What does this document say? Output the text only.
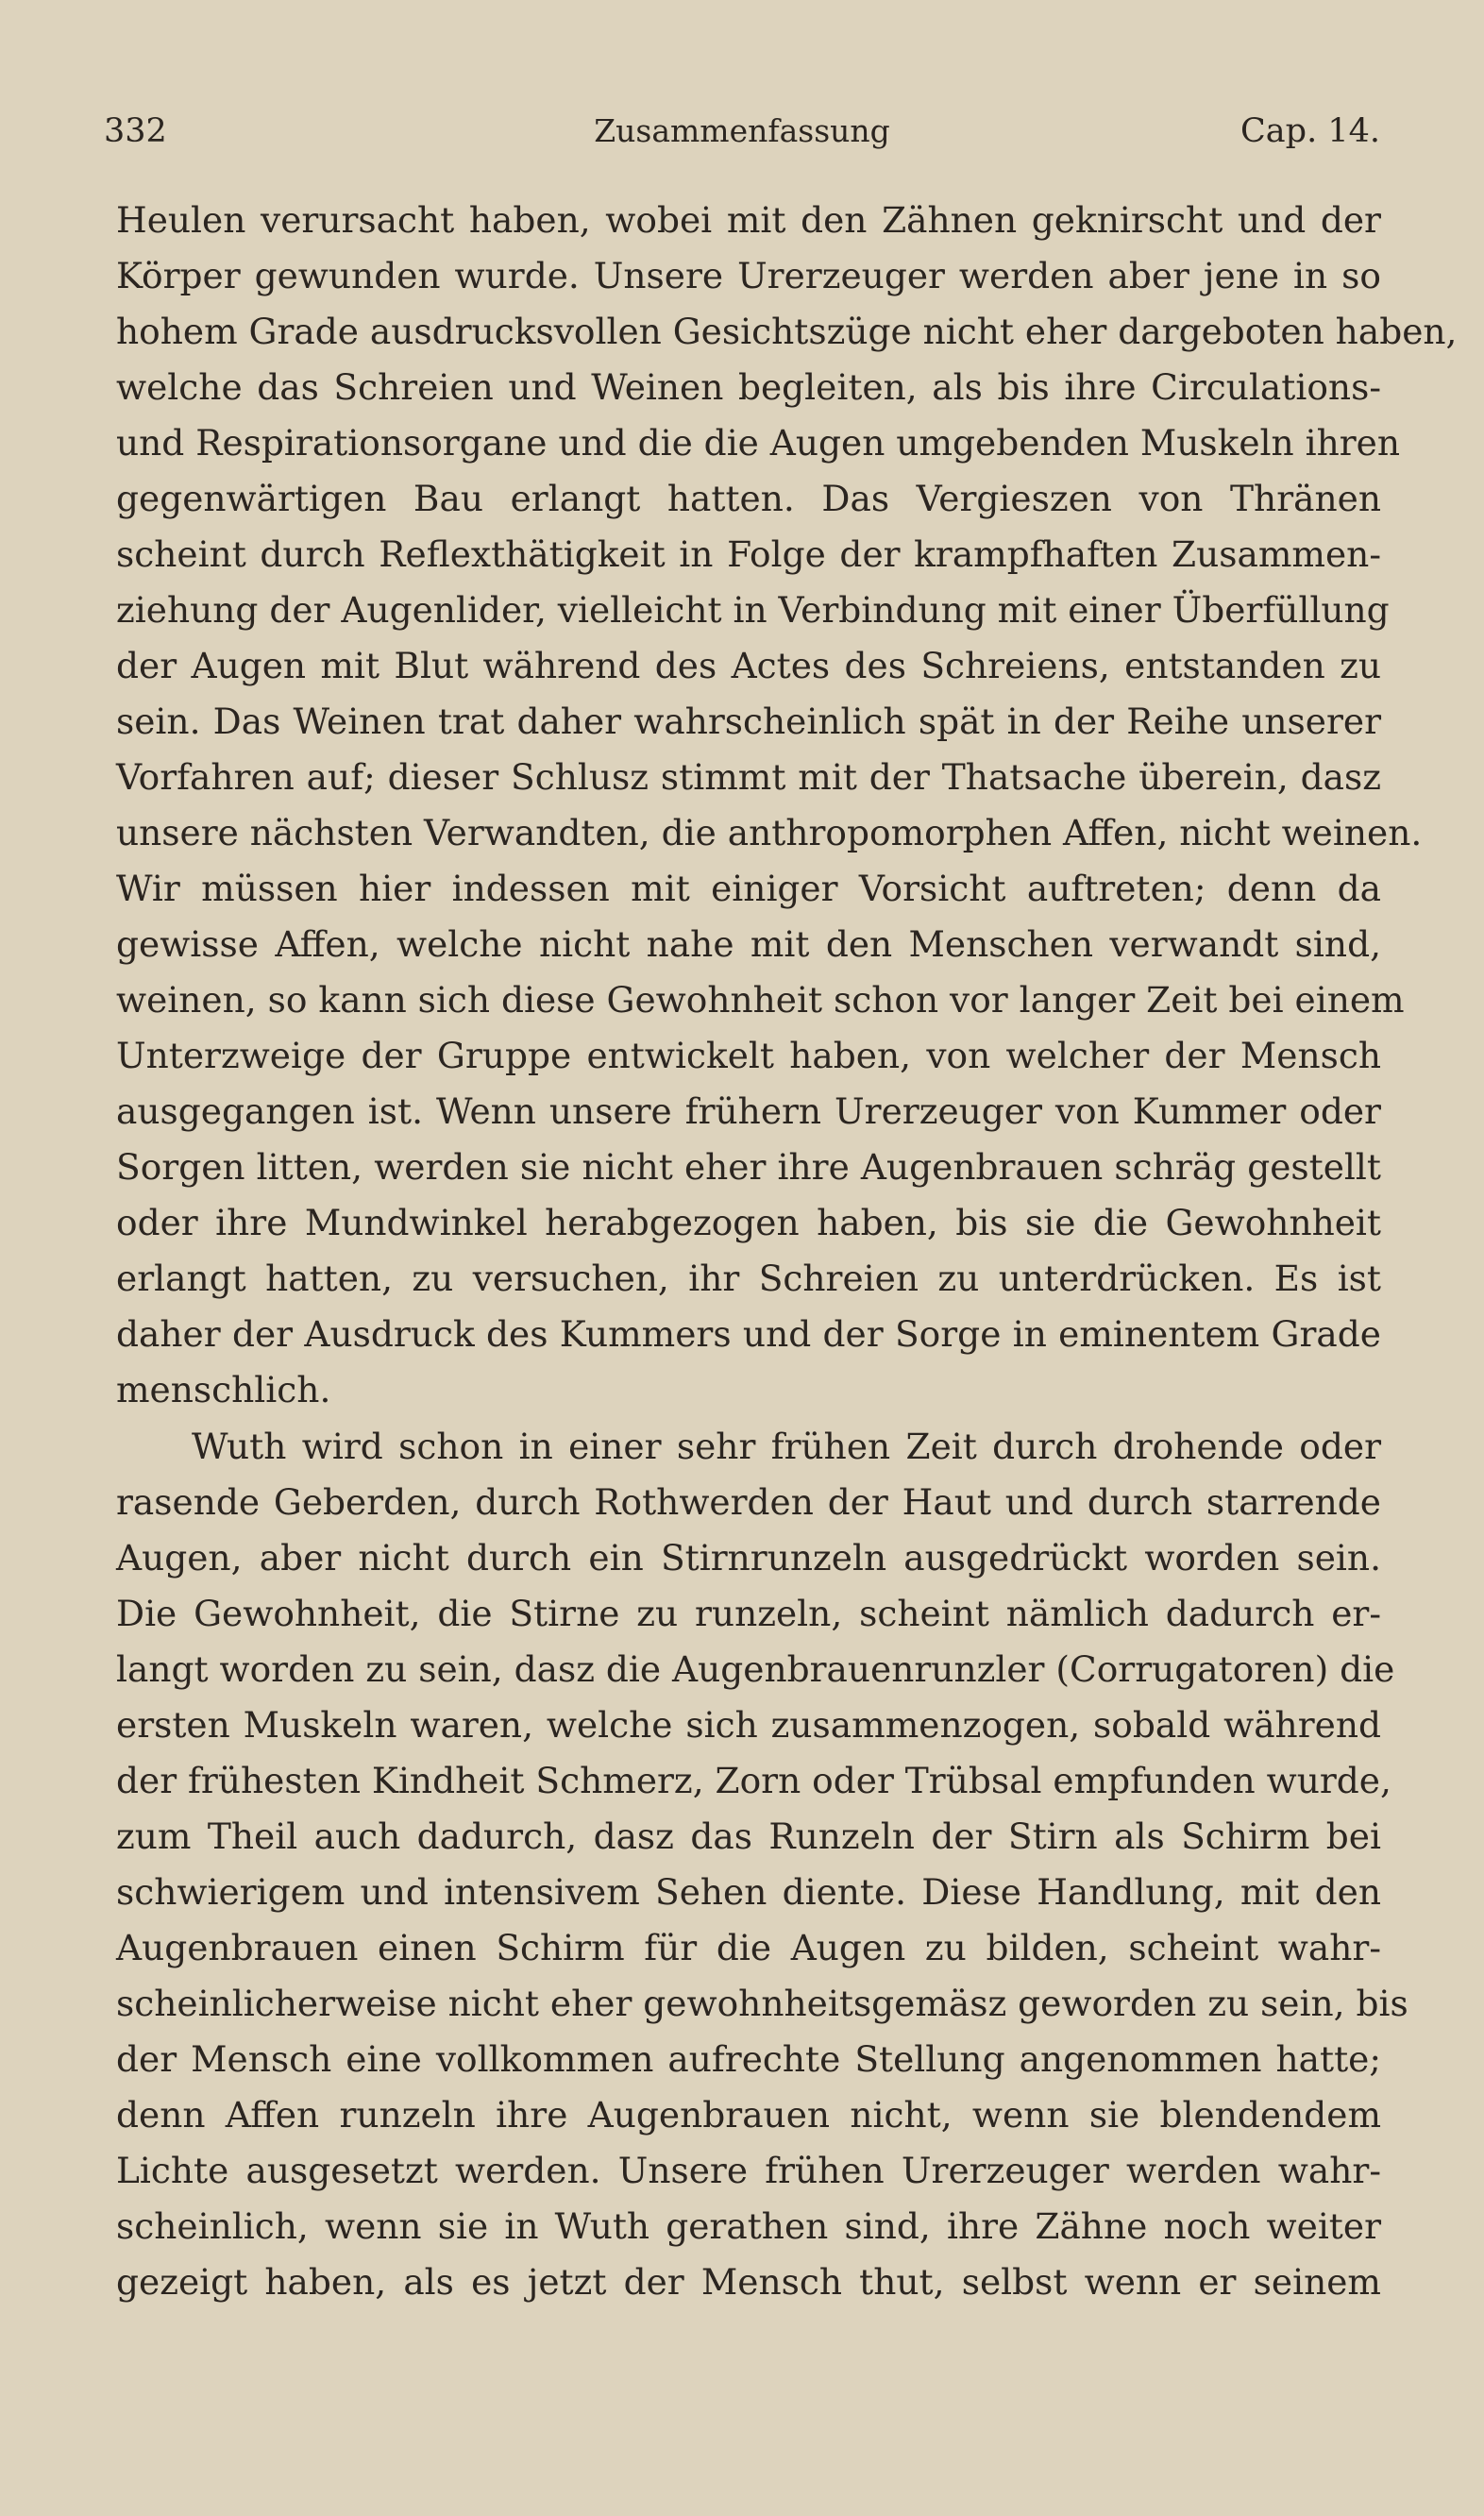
332	Zusammenfassung	Cap. 14.
Heulen verursacht haben, wobei mit den Zähnen geknirscht und der
Körper gewunden wurde. Unsere Urerzeuger werden aber jene in so
hohem Grade ausdrucksvollen Gesichtszüge nicht eher dargeboten haben,
welche das Schreien und Weinen begleiten, als bis ihre Circulations-
und Respirationsorgane und die die Augen umgebenden Muskeln ihren
gegenwärtigen Bau erlangt hatten. Das Vergieszen von Thränen
scheint durch Reflexthätigkeit in Folge der krampfhaften Zusammen-
ziehung der Augenlider, vielleicht in Verbindung mit einer Überfüllung
der Augen mit Blut während des Actes des Schreiens, entstanden zu
sein. Das Weinen trat daher wahrscheinlich spät in der Reihe unserer
Vorfahren auf; dieser Schlusz stimmt mit der Thatsache überein, dasz
unsere nächsten Verwandten, die anthropomorphen Affen, nicht weinen.
Wir müssen hier indessen mit einiger Vorsicht auftreten; denn da
gewisse Affen, welche nicht nahe mit den Menschen verwandt sind,
weinen, so kann sich diese Gewohnheit schon vor langer Zeit bei einem
Unterzweige der Gruppe entwickelt haben, von welcher der Mensch
ausgegangen ist. Wenn unsere frühern Urerzeuger von Kummer oder
Sorgen litten, werden sie nicht eher ihre Augenbrauen schräg gestellt
oder ihre Mundwinkel herabgezogen haben, bis sie die Gewohnheit
erlangt hatten, zu versuchen, ihr Schreien zu unterdrücken. Es ist
daher der Ausdruck des Kummers und der Sorge in eminentem Grade
menschlich.
Wuth wird schon in einer sehr frühen Zeit durch drohende oder
rasende Geberden, durch Rothwerden der Haut und durch starrende
Augen, aber nicht durch ein Stirnrunzeln ausgedrückt worden sein.
Die Gewohnheit, die Stirne zu runzeln, scheint nämlich dadurch er-
langt worden zu sein, dasz die Augenbrauenrunzler (Corrugatoren) die
ersten Muskeln waren, welche sich zusammenzogen, sobald während
der frühesten Kindheit Schmerz, Zorn oder Trübsal empfunden wurde,
zum Theil auch dadurch, dasz das Runzeln der Stirn als Schirm bei
schwierigem und intensivem Sehen diente. Diese Handlung, mit den
Augenbrauen einen Schirm für die Augen zu bilden, scheint wahr-
scheinlicherweise nicht eher gewohnheitsgemäsz geworden zu sein, bis
der Mensch eine vollkommen aufrechte Stellung angenommen hatte;
denn Affen runzeln ihre Augenbrauen nicht, wenn sie blendendem
Lichte ausgesetzt werden. Unsere frühen Urerzeuger werden wahr-
scheinlich, wenn sie in Wuth gerathen sind, ihre Zähne noch weiter
gezeigt haben, als es jetzt der Mensch thut, selbst wenn er seinem
